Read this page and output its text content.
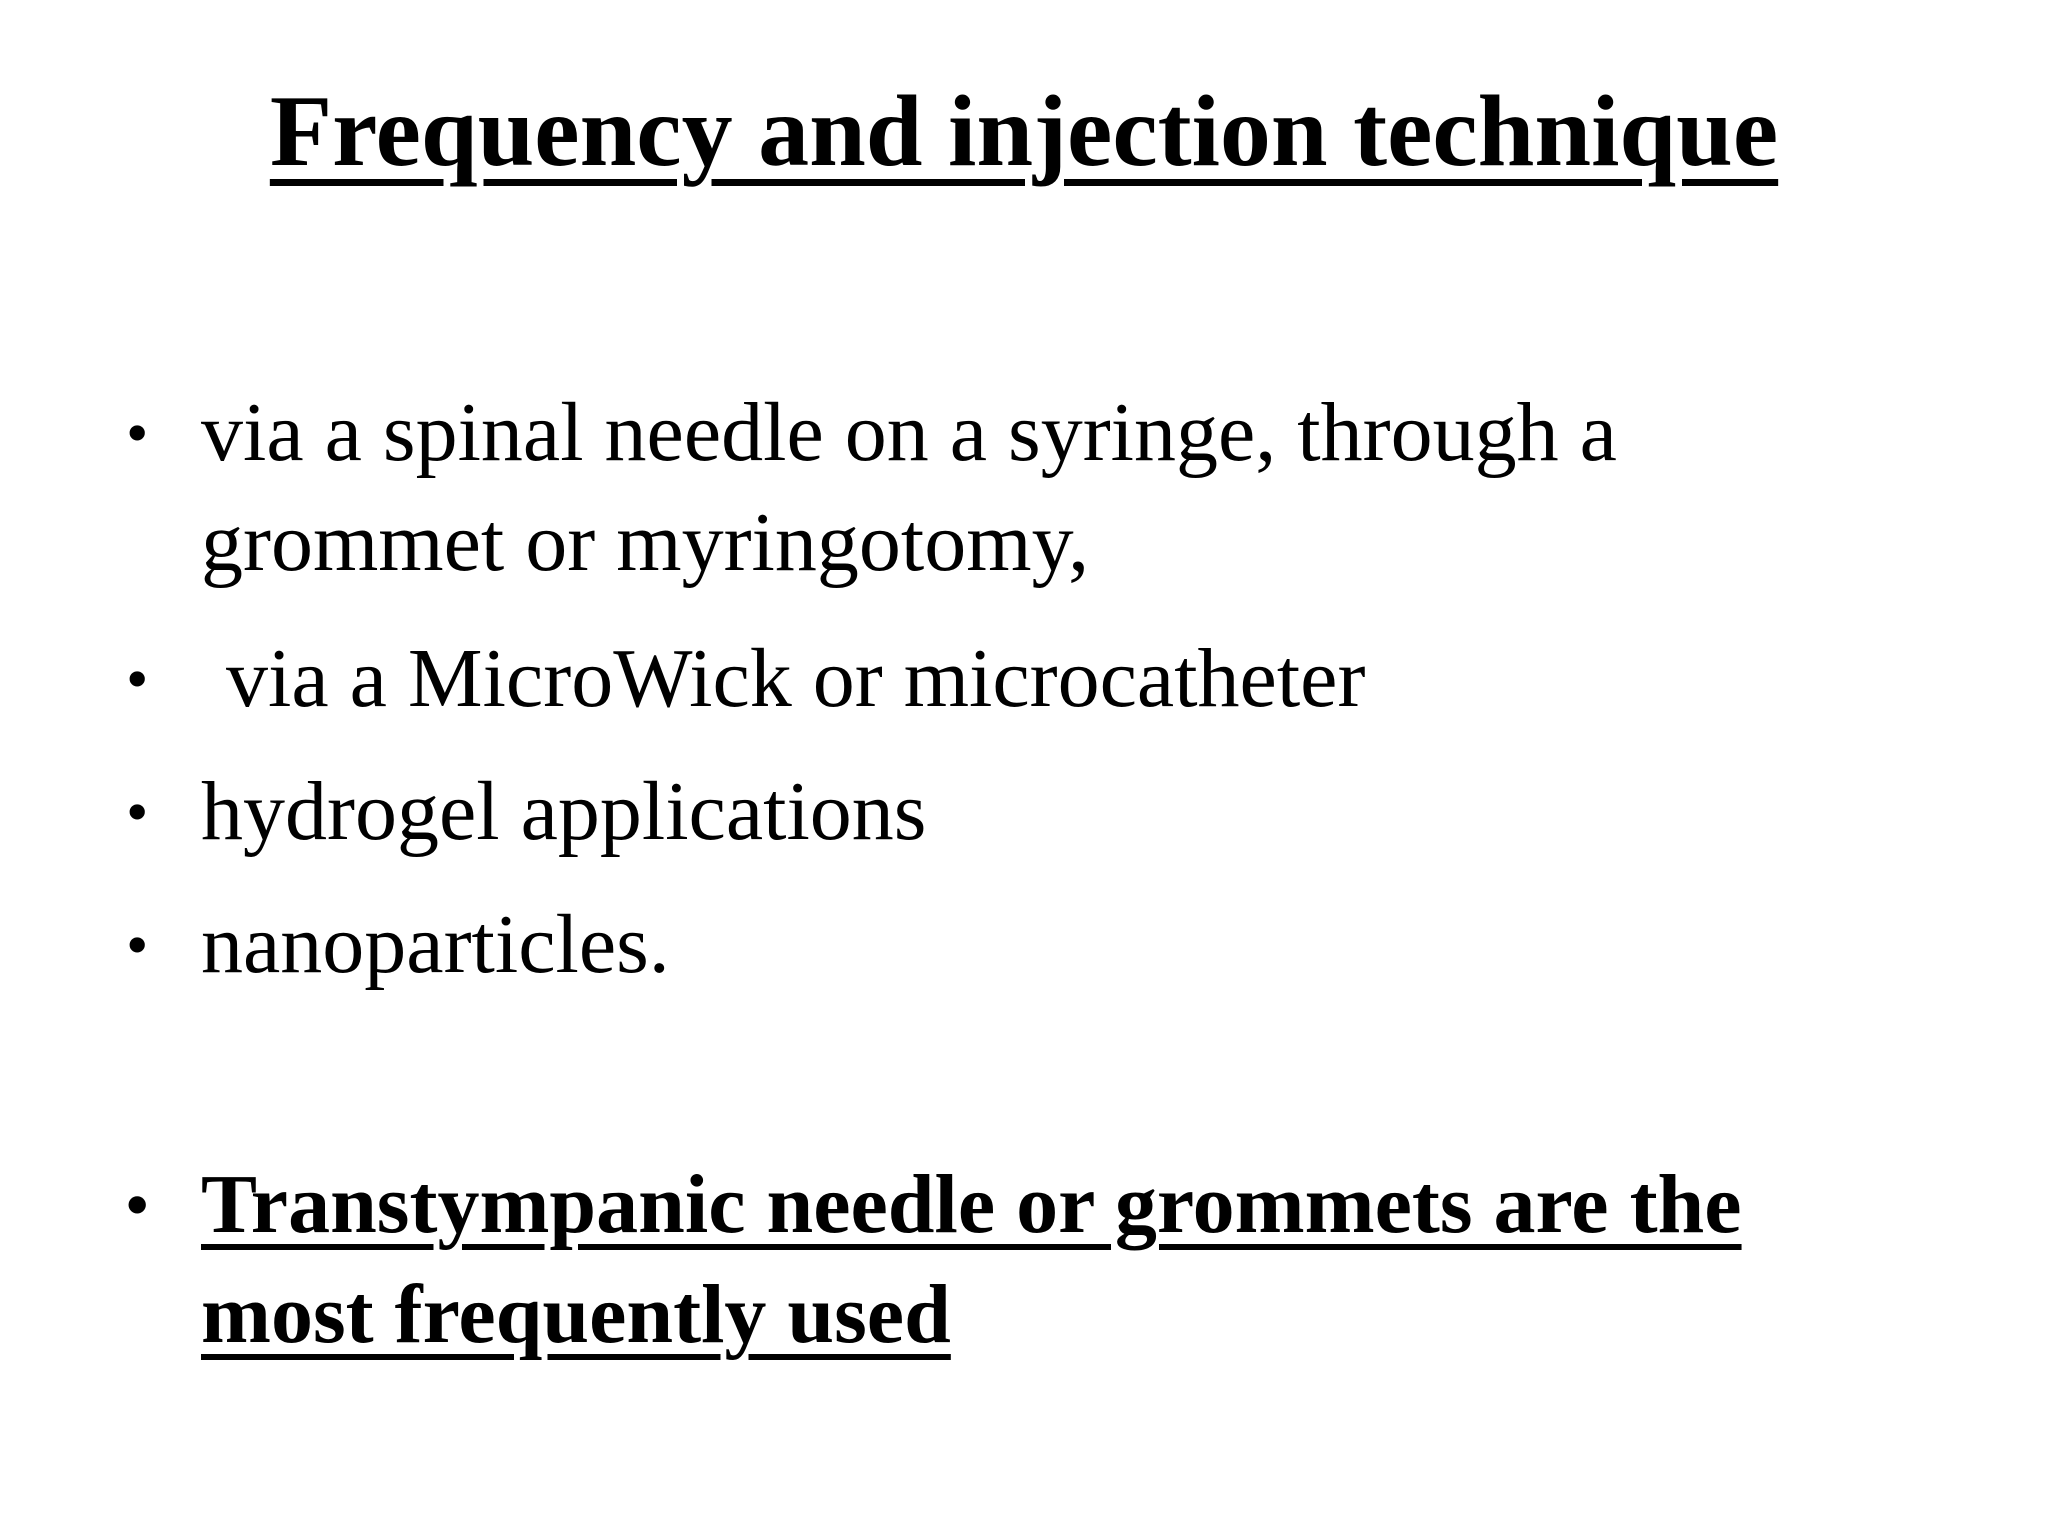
Frequency and injection technique
• via a spinal needle on a syringe, through a grommet or myringotomy,
• via a MicroWick or microcatheter
• hydrogel applications
• nanoparticles.
• Transtympanic needle or grommets are the most frequently used
